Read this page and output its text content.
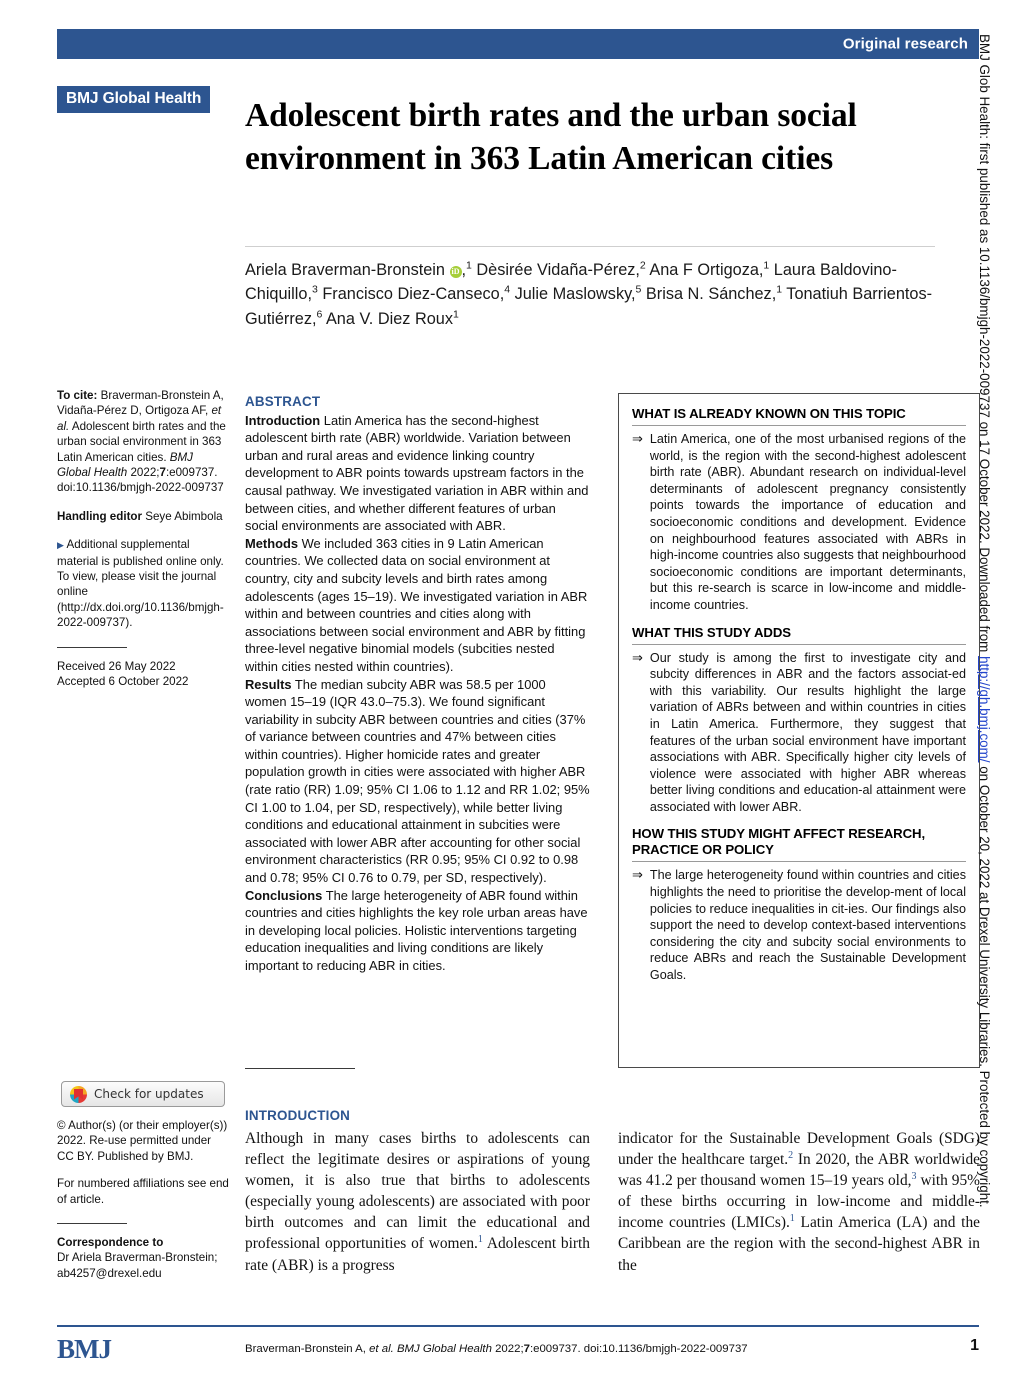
Original research
BMJ Global Health Adolescent birth rates and the urban social environment in 363 Latin American cities
Ariela Braverman-Bronstein iD ,$^1$ Dèsirée Vidaña-Pérez,$^2$ Ana F Ortigoza,$^1$ Laura Baldovino-Chiquillo,$^3$ Francisco Diez-Canseco,$^4$ Julie Maslowsky,$^5$ Brisa N. Sánchez,$^1$ Tonatiuh Barrientos-Gutiérrez,$^6$ Ana V. Diez Roux$^1$

To cite: Braverman-Bronstein A, Vidaña-Pérez D, Ortigoza AF, et al. Adolescent birth rates and the urban social environment in 363 Latin American cities. BMJ Global Health 2022;7:e009737. doi:10.1136/bmjgh-2022-009737

Handling editor Seye Abimbola

▶ Additional supplemental material is published online only. To view, please visit the journal online (http://dx.doi.org/10.1136/bmjgh-2022-009737).

Received 26 May 2022

Accepted 6 October 2022

Check for updates

© Author(s) (or their employer(s)) 2022. Re-use permitted under CC BY. Published by BMJ.

For numbered affiliations see end of article.

Correspondence to
Dr Ariela Braverman-Bronstein; ab4257@drexel.edu

ABSTRACT

Introduction Latin America has the second-highest adolescent birth rate (ABR) worldwide. Variation between urban and rural areas and evidence linking country development to ABR points towards upstream factors in the causal pathway. We investigated variation in ABR within and between cities, and whether different features of urban social environments are associated with ABR.

Methods We included 363 cities in 9 Latin American countries. We collected data on social environment at country, city and subcity levels and birth rates among adolescents (ages 15–19). We investigated variation in ABR within and between countries and cities along with associations between social environment and ABR by fitting three-level negative binomial models (subcities nested within cities nested within countries).

Results The median subcity ABR was 58.5 per 1000 women 15–19 (IQR 43.0–75.3). We found significant variability in subcity ABR between countries and cities (37% of variance between countries and 47% between cities within countries). Higher homicide rates and greater population growth in cities were associated with higher ABR (rate ratio (RR) 1.09; 95% CI 1.06 to 1.12 and RR 1.02; 95% CI 1.00 to 1.04, per SD, respectively), while better living conditions and educational attainment in subcities were associated with lower ABR after accounting for other social environment characteristics (RR 0.95; 95% CI 0.92 to 0.98 and 0.78; 95% CI 0.76 to 0.79, per SD, respectively).

Conclusions The large heterogeneity of ABR found within countries and cities highlights the key role urban areas have in developing local policies. Holistic interventions targeting education inequalities and living conditions are likely important to reducing ABR in cities.

WHAT IS ALREADY KNOWN ON THIS TOPIC
⇒ Latin America, one of the most urbanised regions of the world, is the region with the second-highest adolescent birth rate (ABR). Abundant research on individual-level determinants of adolescent pregnancy consistently points towards the importance of education and socioeconomic conditions and development. Evidence on neighbourhood features associated with ABRs in high-income countries also suggests that neighbourhood socioeconomic conditions are important determinants, but this re-search is scarce in low-income and middle-income countries.
WHAT THIS STUDY ADDS
⇒ Our study is among the first to investigate city and subcity differences in ABR and the factors associat-ed with this variability. Our results highlight the large variation of ABRs between and within countries in cities in Latin America. Furthermore, they suggest that features of the urban social environment have important associations with ABR. Specifically higher city levels of violence were associated with higher ABR whereas better living conditions and education-al attainment were associated with lower ABR.
HOW THIS STUDY MIGHT AFFECT RESEARCH, PRACTICE OR POLICY
⇒ The large heterogeneity found within countries and cities highlights the need to prioritise the develop-ment of local policies to reduce inequalities in cit-ies. Our findings also support the need to develop context-based interventions considering the city and subcity social environments to reduce ABRs and reach the Sustainable Development Goals.
INTRODUCTION
Although in many cases births to adolescents can reflect the legitimate desires or aspirations of young women, it is also true that births to adolescents (especially young adolescents) are associated with poor birth outcomes and can limit the educational and professional opportunities of women.$^1$ Adolescent birth rate (ABR) is a progress
indicator for the Sustainable Development Goals (SDG) under the healthcare target.$^2$ In 2020, the ABR worldwide was 41.2 per thousand women 15–19 years old,$^3$ with 95% of these births occurring in low-income and middle-income countries (LMICs).$^1$ Latin America (LA) and the Caribbean are the region with the second-highest ABR in the
BMJ	Braverman-Bronstein A, et al. BMJ Global Health 2022;7:e009737. doi:10.1136/bmjgh-2022-009737	1
BMJ Glob Health: first published as 10.1136/bmjgh-2022-009737 on 17 October 2022. Downloaded from http://gh.bmj.com/ on October 20, 2022 at Drexel University Libraries. Protected by copyright.
